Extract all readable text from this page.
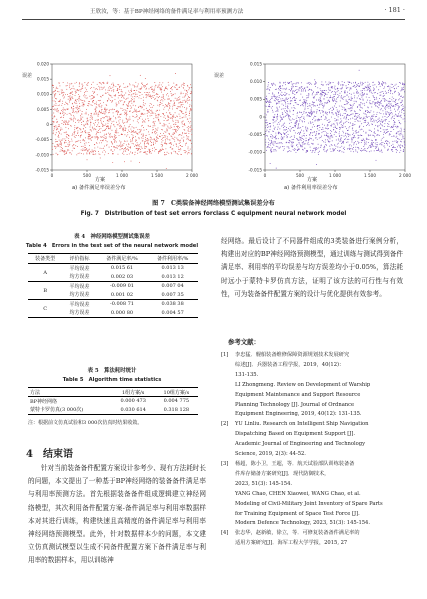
王欣汝，等：基于BP神经网络的备件满足率与利用率预测方法	· 181 ·
误差
0.020
0.015
0.010
0.005
0
-0.005
-0.010
-0.015
0	500	1 000	1 500	2 000
方案
a) 备件满足率误差分布
误差
0.015
0.010
0.005
0
-0.005
-0.010
-0.015
0	500	1 000	1 500	2 000
方案
a) 备件利用率误差分布
图 7　C类装备神经网络模型测试集误差分布
Fig. 7　Distribution of test set errors forclass C equipment neural network model
表 4　神经网络模型测试集误差
Table 4　Errors in the test set of the neural network model
装备类型	评价指标	备件满足率/%	备件利用率/%
A	平均误差	0.015 61	0.013 13
	均方误差	0.002 03	0.013 12
B	平均误差	-0.009 01	0.007 04
	均方误差	0.001 02	0.007 35
C	平均误差	-0.008 71	0.038 38
	均方误差	0.000 80	0.004 57
表 5　算法耗时统计
Table 5　Algorithm time statistics
方法	1组方案/s	10组方案/s
BP神经网络	0.000 473	0.004 775
蒙特卡罗仿真(3 000次)	0.030 614	0.318 128
注：根据前文仿真试验和3 000次仿真时结果收敛。
4　结束语
针对当前装备备件配置方案设计参考少、现有方法耗时长的问题，本文提出了一种基于BP神经网络的装备备件满足率与利用率预测方法。首先根据装备备件组成逻辑建立神经网络模型，其次利用备件配置方案-备件满足率与利用率数据样本对其进行训练，构建快速且高精度的备件满足率与利用率神经网络预测模型。此外，针对数据样本少的问题，本文建立仿真测试模型以生成不同备件配置方案下备件满足率与利用率的数据样本，用以训练神
经网络。最后设计了不同器件组成的3类装备进行案例分析，构建出对应的BP神经网络预测模型，通过训练与测试得到备件满足率、利用率的平均误差与均方误差均小于0.05%，算法耗时远小于蒙特卡罗仿真方法，证明了该方法的可行性与有效性，可为装备备件配置方案的设计与优化提供有效参考。
参考文献：
[1]	李忠猛．舰船装备维修保障资源规划技术发展研究
综述[J]．兵器装备工程学报，2019，40(12)：
131-135.
LI Zhongmeng. Review on Development of Warship
Equipment Maintenance and Support Resource
Planning Technology [J]. Journal of Ordnance
Equipment Engineering, 2019, 40(12): 131-135.
[2]	YU Linliu. Research on Intelligent Ship Navigation
Dispatching Based on Equipment Support [J].
Academic Journal of Engineering and Technology
Science, 2019, 2(3): 44-52.
[3]	杨超，陈小卫，王超，等．航天试验部队训练装备备
件库存储备方案研究[J]．现代防御技术，
2023, 51(3): 145-154.
YANG Chao, CHEN Xiaowei, WANG Chao, et al.
Modeling of Civil-Military Joint Inventory of Spare Parts
for Training Equipment of Space Test Force [J].
Modern Defence Technology, 2023, 51(3): 145-154.
[4]	张志华，赵新敏，徐立，等．可修复装备备件满足率的
适用方案研究[J]．海军工程大学学报，2015, 27
